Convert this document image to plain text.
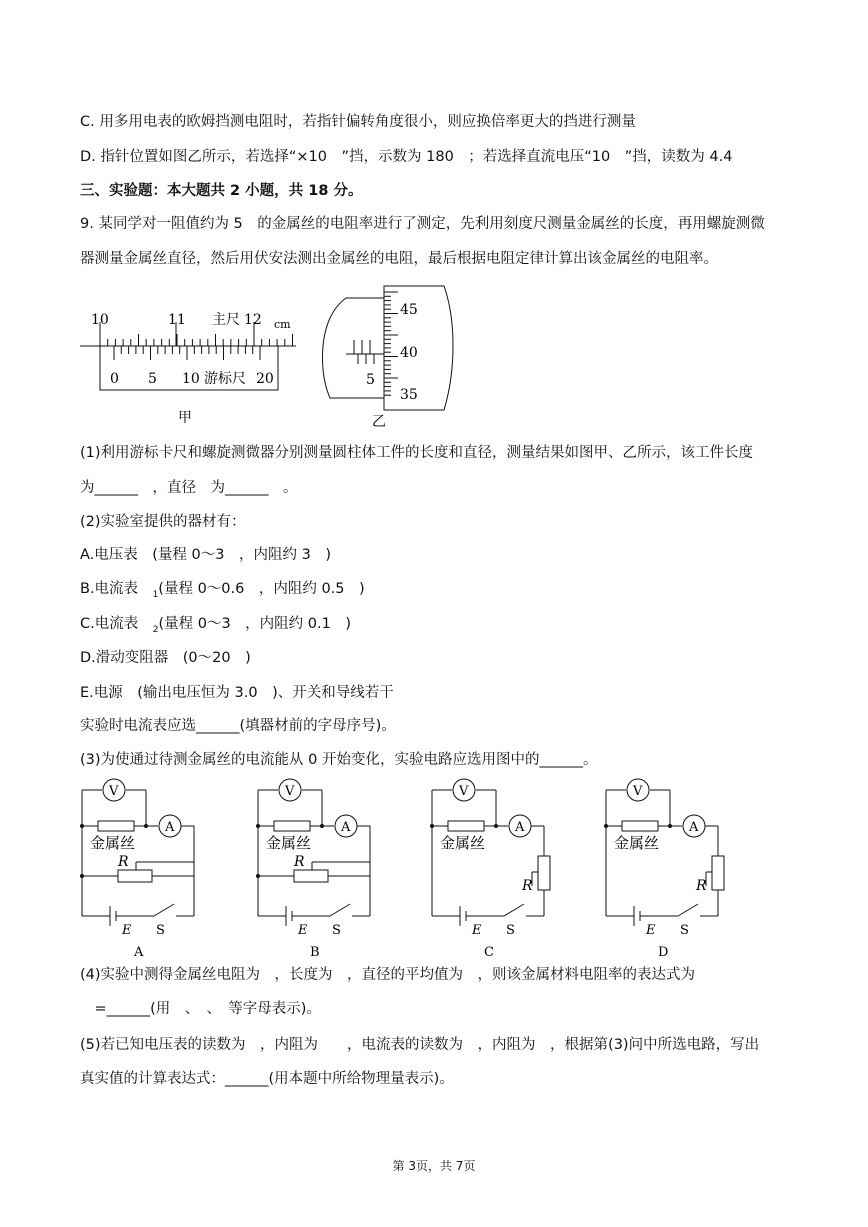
C. 用多用电表的欧姆挡测电阻时，若指针偏转角度很小，则应换倍率更大的挡进行测量
D. 指针位置如图乙所示，若选择“×10　”挡，示数为 180　；若选择直流电压“10　”挡，读数为 4.4
三、实验题：本大题共 2 小题，共 18 分。
9. 某同学对一阻值约为 5　的金属丝的电阻率进行了测定，先利用刻度尺测量金属丝的长度，再用螺旋测微
器测量金属丝直径，然后用伏安法测出金属丝的电阻，最后根据电阻定律计算出该金属丝的电阻率。
10	11	12
主尺	cm
0 5 10 游标尺 20
甲
45
40
35
5
乙
(1)利用游标卡尺和螺旋测微器分别测量圆柱体工件的长度和直径，测量结果如图甲、乙所示，该工件长度
为______　，直径　为______　。
(2)实验室提供的器材有：
A.电压表　(量程 0～3　，内阻约 3　)
B.电流表　$_1$(量程 0～0.6　，内阻约 0.5　)
C.电流表　$_2$(量程 0～3　，内阻约 0.1　)
D.滑动变阻器　(0～20　)
E.电源　(输出电压恒为 3.0　)、开关和导线若干
实验时电流表应选______(填器材前的字母序号)。
(3)为使通过待测金属丝的电流能从 0 开始变化，实验电路应选用图中的______。
V
A
金属丝
R
E S
A
V
A
金属丝
R
E S
B
V
A
金属丝
R
E S
C
V
A
金属丝
R
E S
D
(4)实验中测得金属丝电阻为　，长度为　，直径的平均值为　，则该金属材料电阻率的表达式为
　=______(用　、　、　等字母表示)。
(5)若已知电压表的读数为　，内阻为　　，电流表的读数为　，内阻为　，根据第(3)问中所选电路，写出
真实值的计算表达式：______(用本题中所给物理量表示)。
第 3页，共 7页
